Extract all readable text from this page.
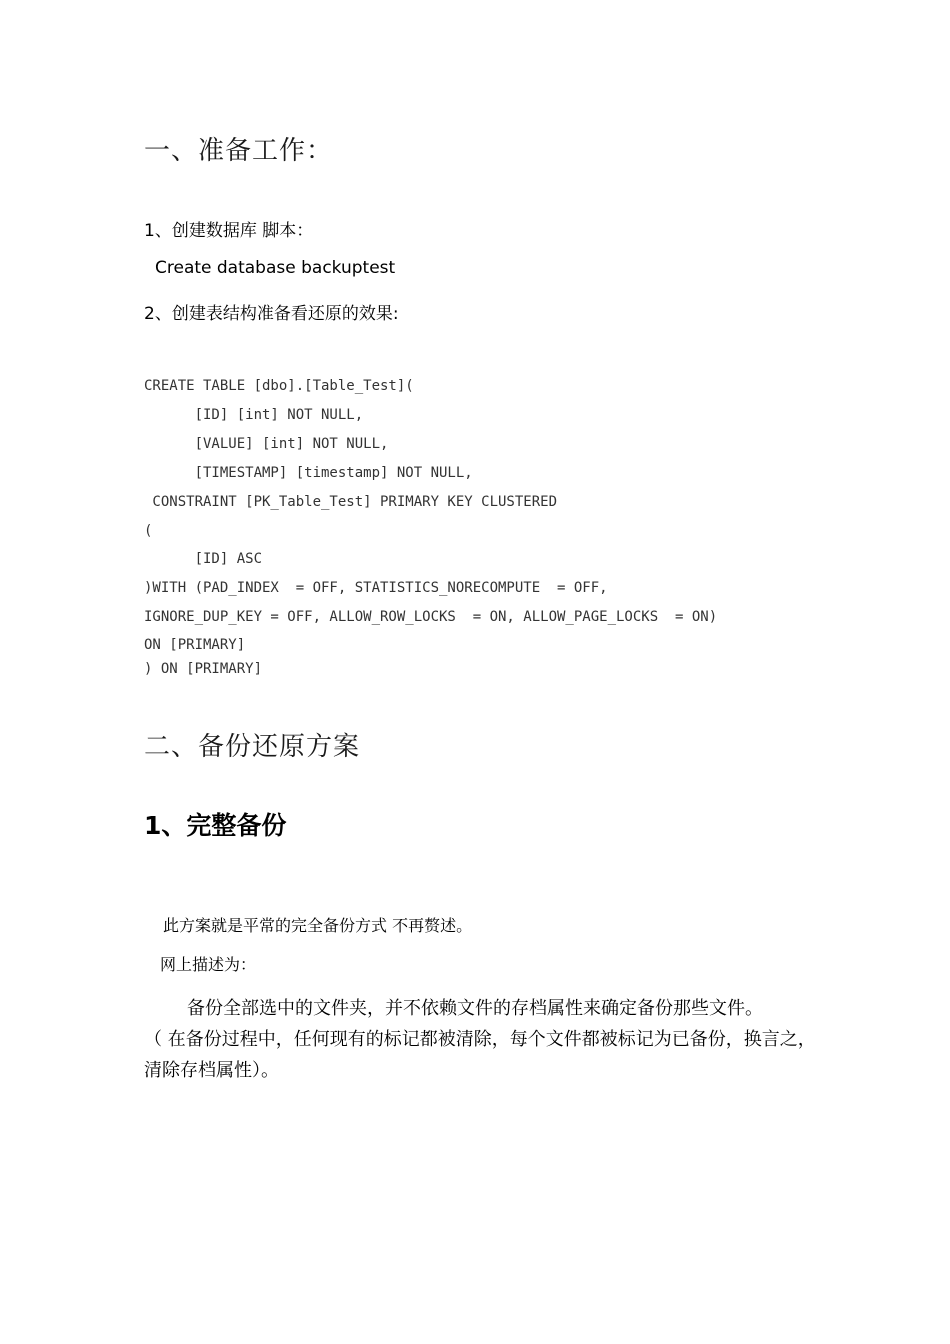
一、准备工作：
1、创建数据库 脚本：
Create database backuptest
2、创建表结构准备看还原的效果:
CREATE TABLE [dbo].[Table_Test](
[ID] [int] NOT NULL,
[VALUE] [int] NOT NULL,
[TIMESTAMP] [timestamp] NOT NULL,
CONSTRAINT [PK_Table_Test] PRIMARY KEY CLUSTERED
(
[ID] ASC
)WITH (PAD_INDEX  = OFF, STATISTICS_NORECOMPUTE  = OFF,
IGNORE_DUP_KEY = OFF, ALLOW_ROW_LOCKS  = ON, ALLOW_PAGE_LOCKS  = ON)
ON [PRIMARY]
) ON [PRIMARY]
二、备份还原方案
1、完整备份
此方案就是平常的完全备份方式 不再赘述。
网上描述为：
备份全部选中的文件夹，并不依赖文件的存档属性来确定备份那些文件。
（ 在备份过程中，任何现有的标记都被清除，每个文件都被标记为已备份，换言之，
清除存档属性）。
